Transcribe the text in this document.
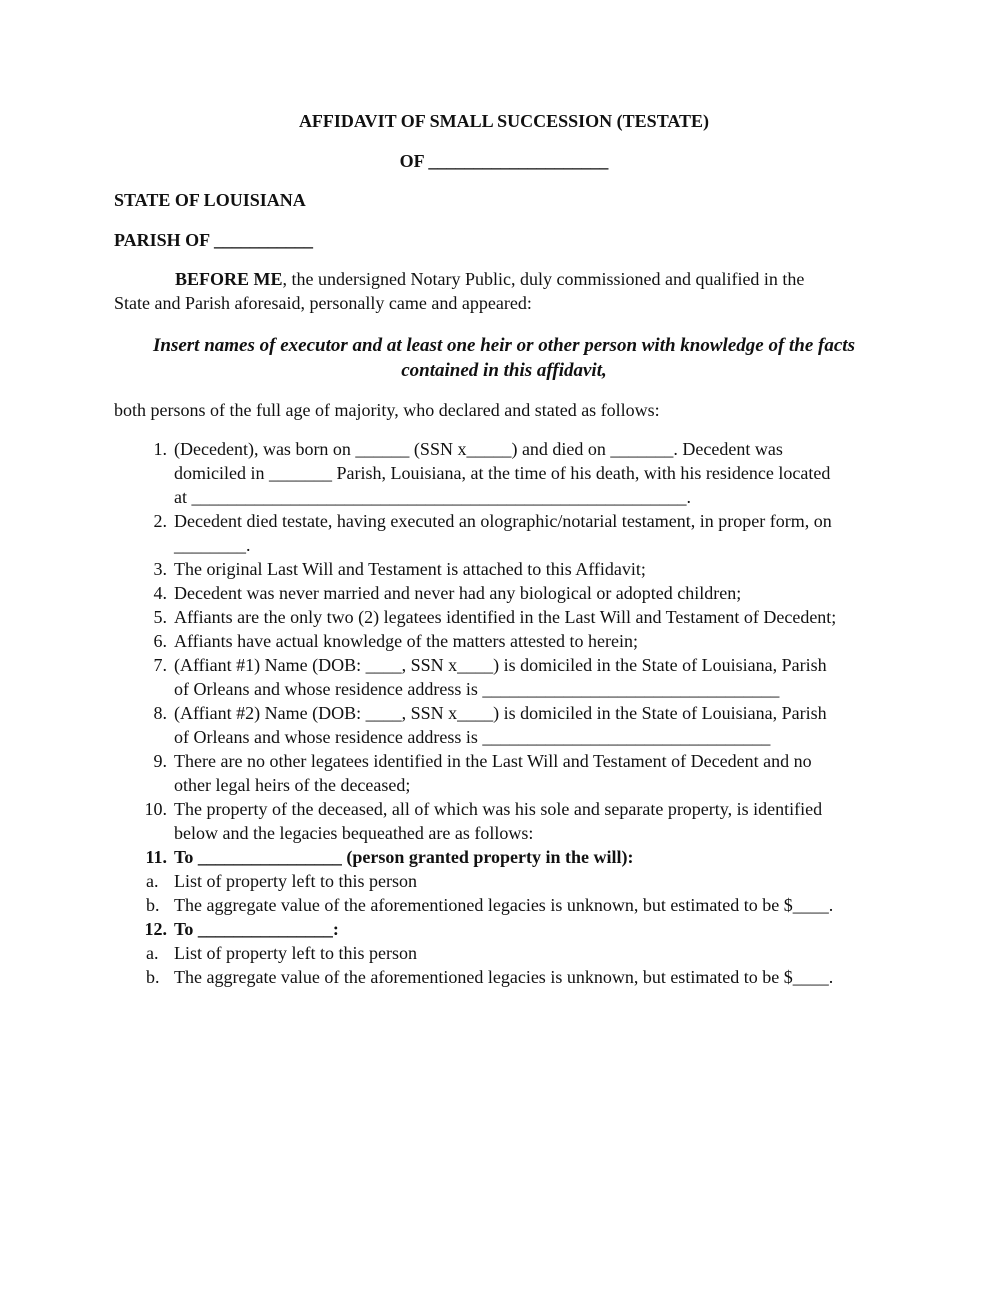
AFFIDAVIT OF SMALL SUCCESSION (TESTATE)
OF ____________________
STATE OF LOUISIANA
PARISH OF ___________
BEFORE ME, the undersigned Notary Public, duly commissioned and qualified in the
State and Parish aforesaid, personally came and appeared:
Insert names of executor and at least one heir or other person with knowledge of the facts
contained in this affidavit,
both persons of the full age of majority, who declared and stated as follows:
1. (Decedent), was born on ______ (SSN x_____) and died on _______. Decedent was
domiciled in _______ Parish, Louisiana, at the time of his death, with his residence located
at _______________________________________________________.
2. Decedent died testate, having executed an olographic/notarial testament, in proper form, on
________.
3. The original Last Will and Testament is attached to this Affidavit;
4. Decedent was never married and never had any biological or adopted children;
5. Affiants are the only two (2) legatees identified in the Last Will and Testament of Decedent;
6. Affiants have actual knowledge of the matters attested to herein;
7. (Affiant #1) Name (DOB: ____, SSN x____) is domiciled in the State of Louisiana, Parish
of Orleans and whose residence address is _________________________________
8. (Affiant #2) Name (DOB: ____, SSN x____) is domiciled in the State of Louisiana, Parish
of Orleans and whose residence address is ________________________________
9. There are no other legatees identified in the Last Will and Testament of Decedent and no
other legal heirs of the deceased;
10. The property of the deceased, all of which was his sole and separate property, is identified
below and the legacies bequeathed are as follows:
11. To ________________ (person granted property in the will):
a. List of property left to this person
b. The aggregate value of the aforementioned legacies is unknown, but estimated to be $____.
12. To _______________:
a. List of property left to this person
b. The aggregate value of the aforementioned legacies is unknown, but estimated to be $____.
